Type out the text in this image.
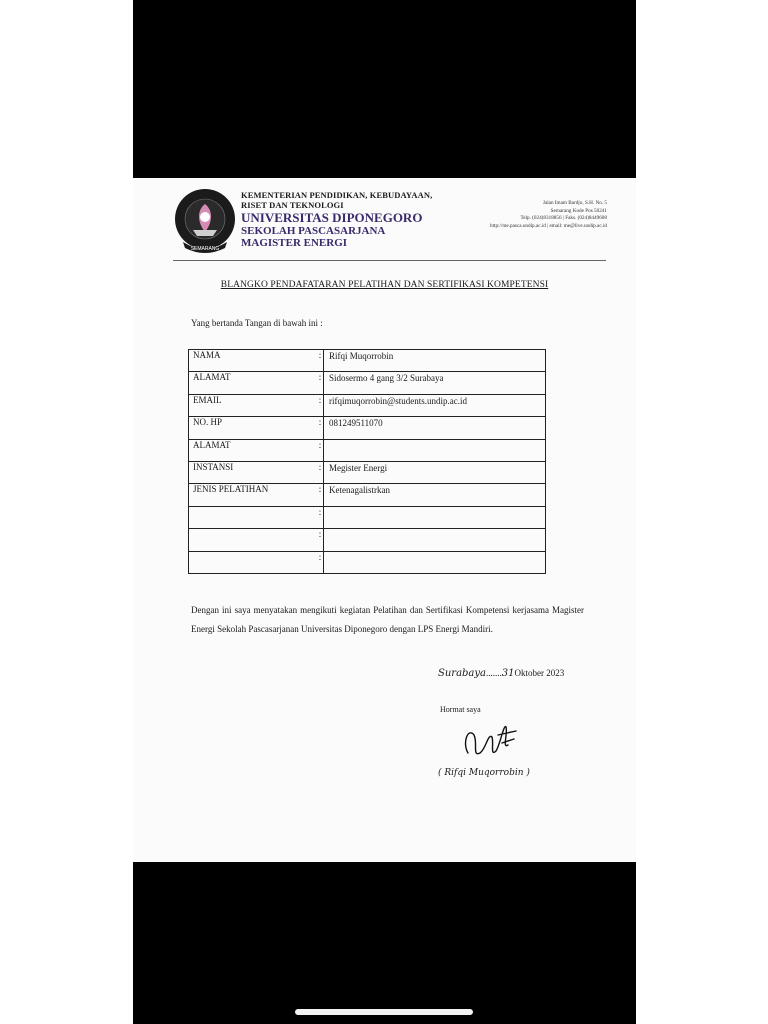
SEMARANG
KEMENTERIAN PENDIDIKAN, KEBUDAYAAN,
RISET DAN TEKNOLOGI
UNIVERSITAS DIPONEGORO
SEKOLAH PASCASARJANA
MAGISTER ENERGI
Jalan Imam Bardjo, S.H. No. 5
Semarang Kode Pos 50241
Telp. (024)8318856 | Faks. (024)8449608
http://me.pasca.undip.ac.id | email: me@live.undip.ac.id
BLANGKO PENDAFATARAN PELATIHAN DAN SERTIFIKASI KOMPETENSI
Yang bertanda Tangan di bawah ini :
NAMA	:	Rifqi Muqorrobin
ALAMAT	:	Sidosermo 4 gang 3/2 Surabaya
EMAIL	:	rifqimuqorrobin@students.undip.ac.id
NO. HP	:	081249511070
ALAMAT	:	
INSTANSI	:	Megister Energi
JENIS PELATIHAN	:	Ketenagalistrkan
	:	
	:	
	:	
Dengan ini saya menyatakan mengikuti kegiatan Pelatihan dan Sertifikasi Kompetensi kerjasama Magister Energi Sekolah Pascasarjanan Universitas Diponegoro dengan LPS Energi Mandiri.
Surabaya.......31Oktober 2023
Hormat saya
( Rifqi Muqorrobin )
